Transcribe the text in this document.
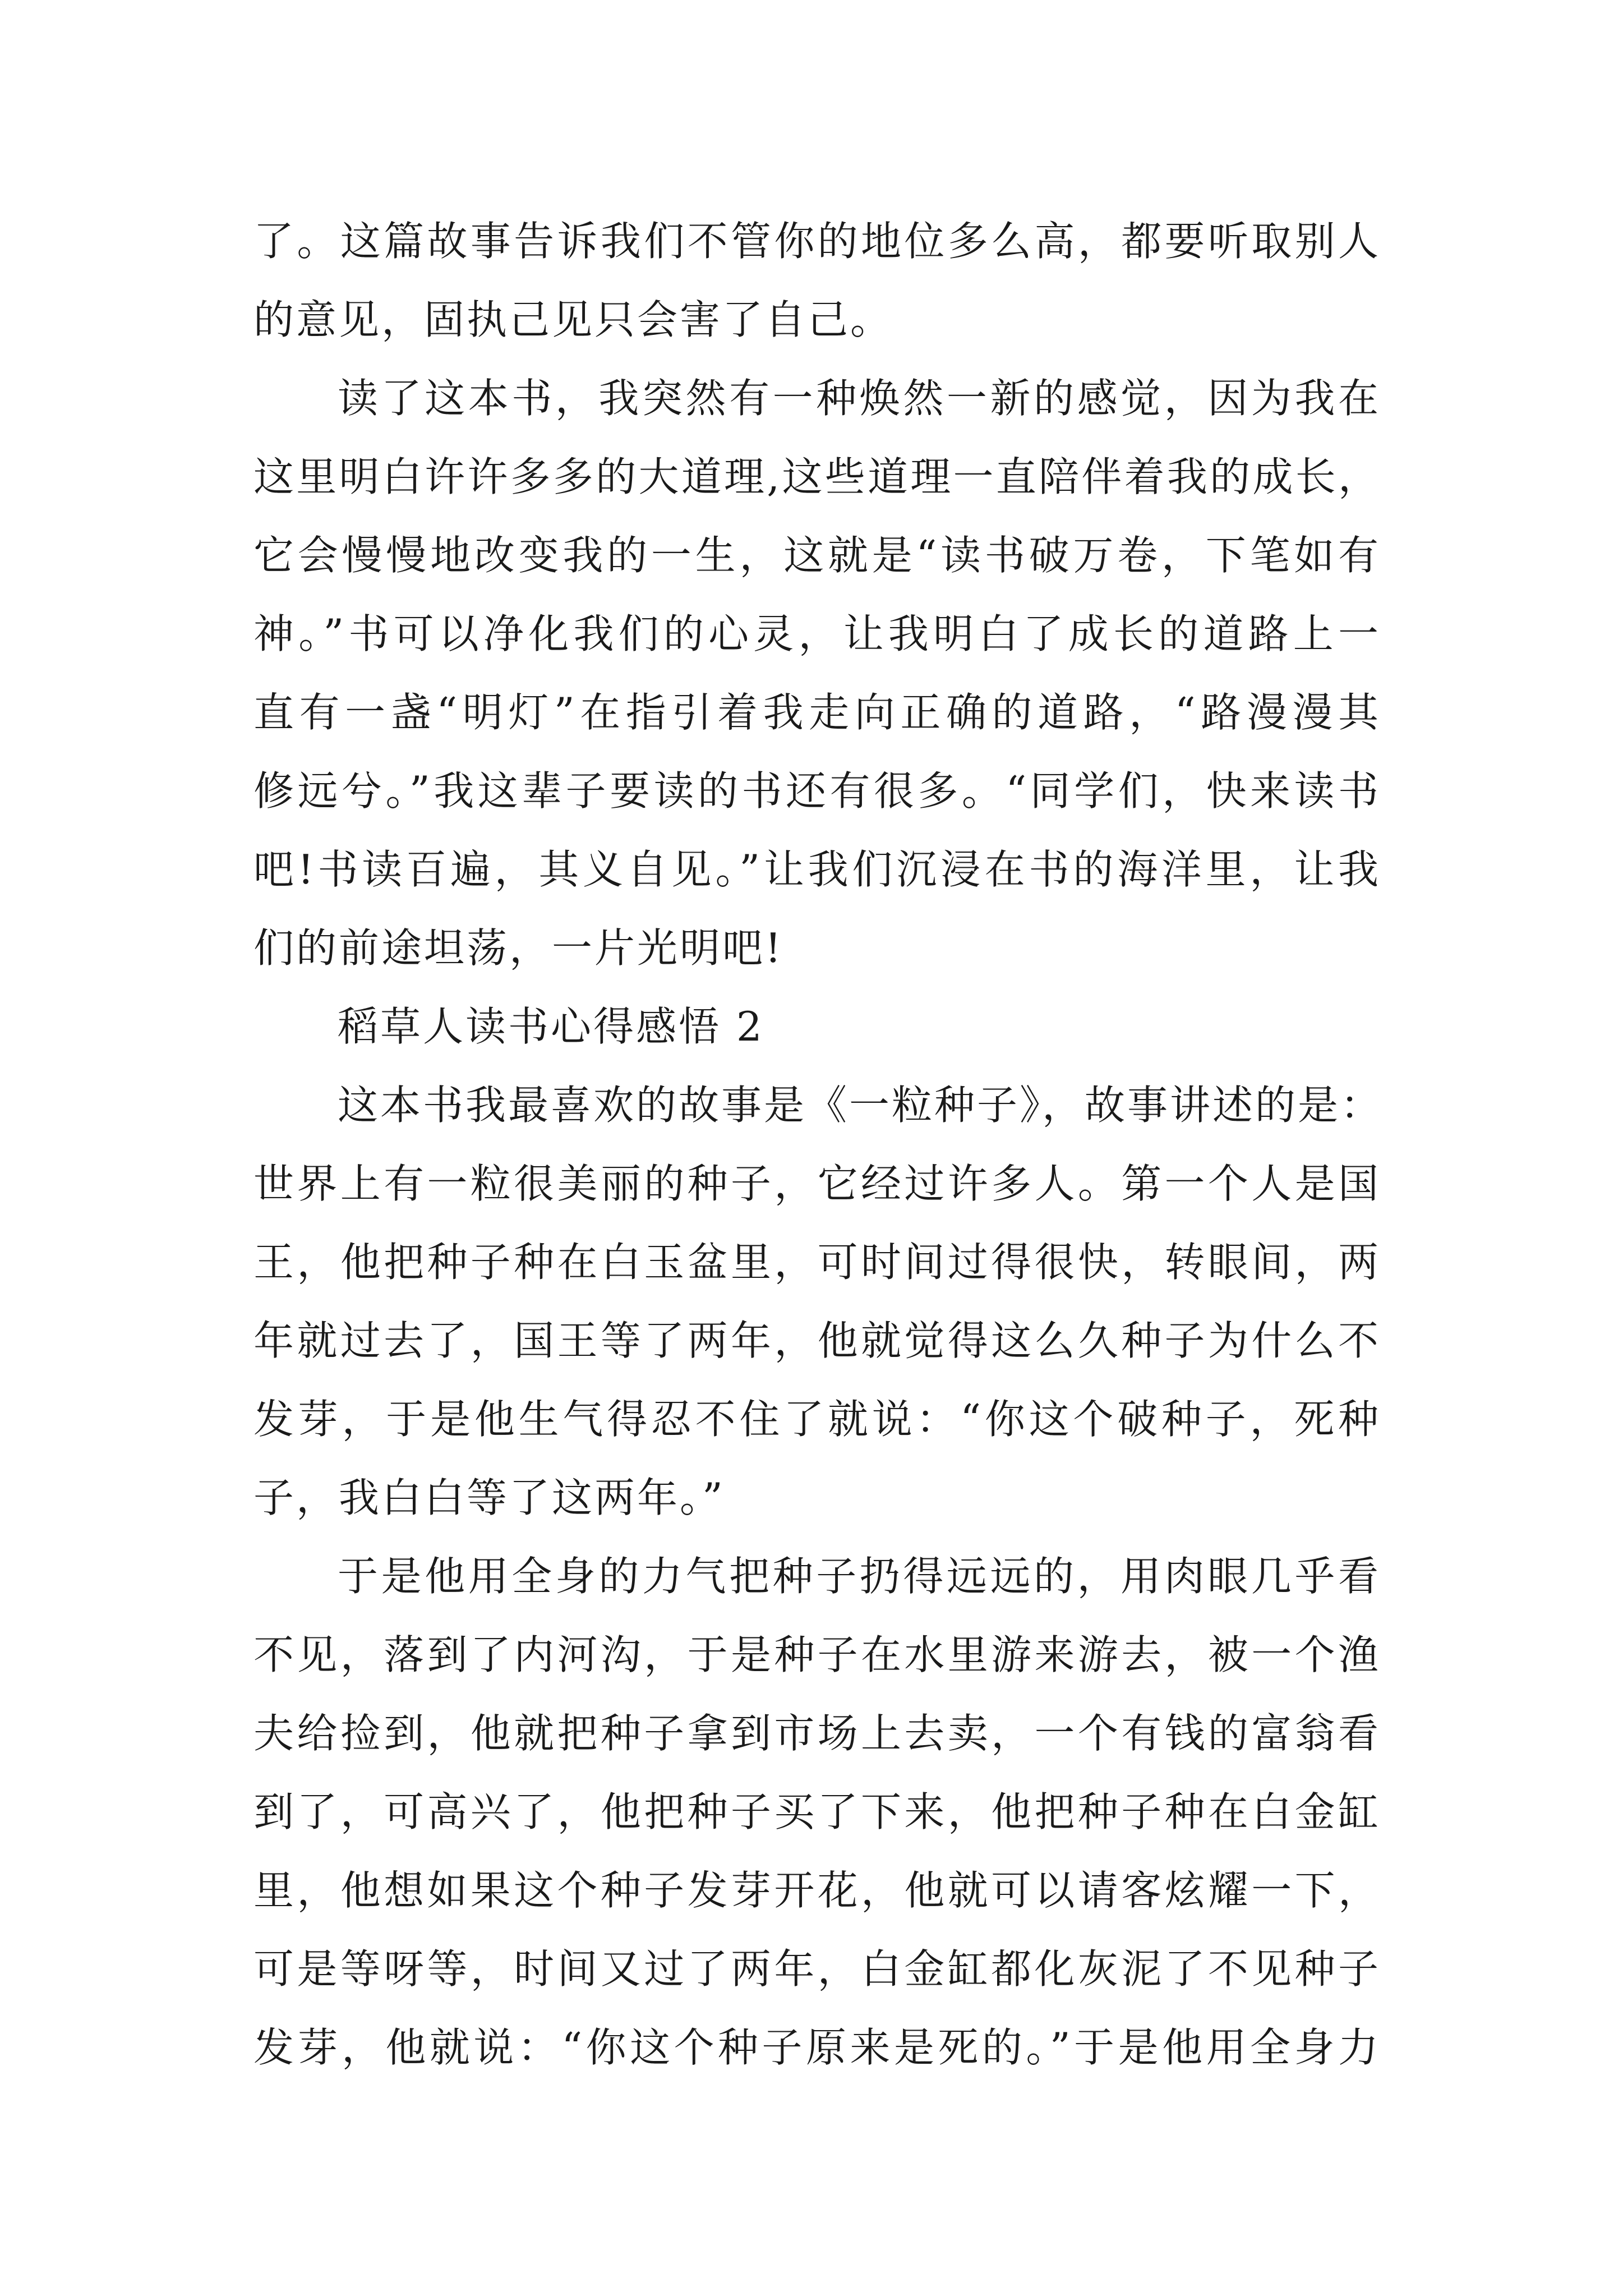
了。这篇故事告诉我们不管你的地位多么高，都要听取别人
的意见，固执己见只会害了自己。
读了这本书，我突然有一种焕然一新的感觉，因为我在
这里明白许许多多的大道理,这些道理一直陪伴着我的成长，
它会慢慢地改变我的一生，这就是“读书破万卷，下笔如有
神。”书可以净化我们的心灵，让我明白了成长的道路上一
直有一盏“明灯”在指引着我走向正确的道路，“路漫漫其
修远兮。”我这辈子要读的书还有很多。“同学们，快来读书
吧!书读百遍，其义自见。”让我们沉浸在书的海洋里，让我
们的前途坦荡，一片光明吧!
稻草人读书心得感悟 2
这本书我最喜欢的故事是《一粒种子》，故事讲述的是：
世界上有一粒很美丽的种子，它经过许多人。第一个人是国
王，他把种子种在白玉盆里，可时间过得很快，转眼间，两
年就过去了，国王等了两年，他就觉得这么久种子为什么不
发芽，于是他生气得忍不住了就说：“你这个破种子，死种
子，我白白等了这两年。”
于是他用全身的力气把种子扔得远远的，用肉眼几乎看
不见，落到了内河沟，于是种子在水里游来游去，被一个渔
夫给捡到，他就把种子拿到市场上去卖，一个有钱的富翁看
到了，可高兴了，他把种子买了下来，他把种子种在白金缸
里，他想如果这个种子发芽开花，他就可以请客炫耀一下，
可是等呀等，时间又过了两年，白金缸都化灰泥了不见种子
发芽，他就说：“你这个种子原来是死的。”于是他用全身力
